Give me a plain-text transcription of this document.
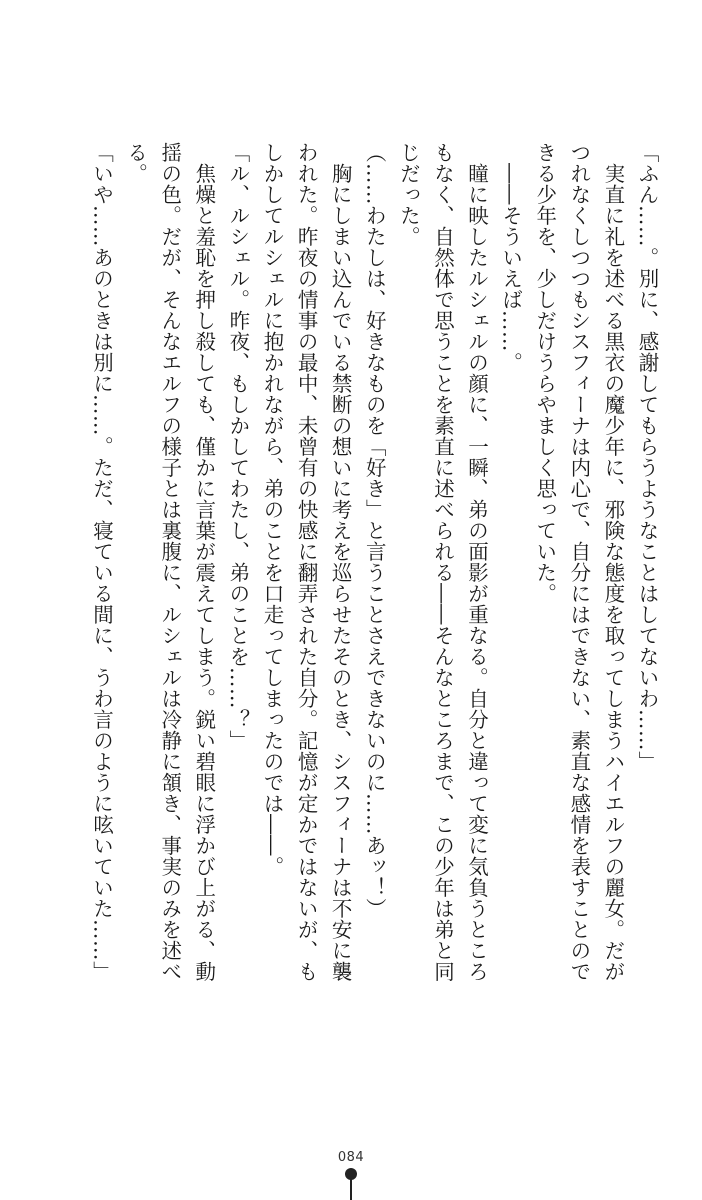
「ふん……。別に、感謝してもらうようなことはしてないわ……」
　実直に礼を述べる黒衣の魔少年に、邪険な態度を取ってしまうハイエルフの麗女。だが
つれなくしつつもシスフィーナは内心で、自分にはできない、素直な感情を表すことので
きる少年を、少しだけうらやましく思っていた。
　――そういえば……。
　瞳に映したルシェルの顔に、一瞬、弟の面影が重なる。自分と違って変に気負うところ
もなく、自然体で思うことを素直に述べられる――そんなところまで、この少年は弟と同
じだった。
（……わたしは、好きなものを「好き」と言うことさえできないのに……あッ！）
　胸にしまい込んでいる禁断の想いに考えを巡らせたそのとき、シスフィーナは不安に襲
われた。昨夜の情事の最中、未曾有の快感に翻弄された自分。記憶が定かではないが、も
しかしてルシェルに抱かれながら、弟のことを口走ってしまったのでは――。
「ル、ルシェル。昨夜、もしかしてわたし、弟のことを……？」
　焦燥と羞恥を押し殺しても、僅かに言葉が震えてしまう。鋭い碧眼に浮かび上がる、動
揺の色。だが、そんなエルフの様子とは裏腹に、ルシェルは冷静に頷き、事実のみを述べ
る。
「いや……あのときは別に……。ただ、寝ている間に、うわ言のように呟いていた……」
084
